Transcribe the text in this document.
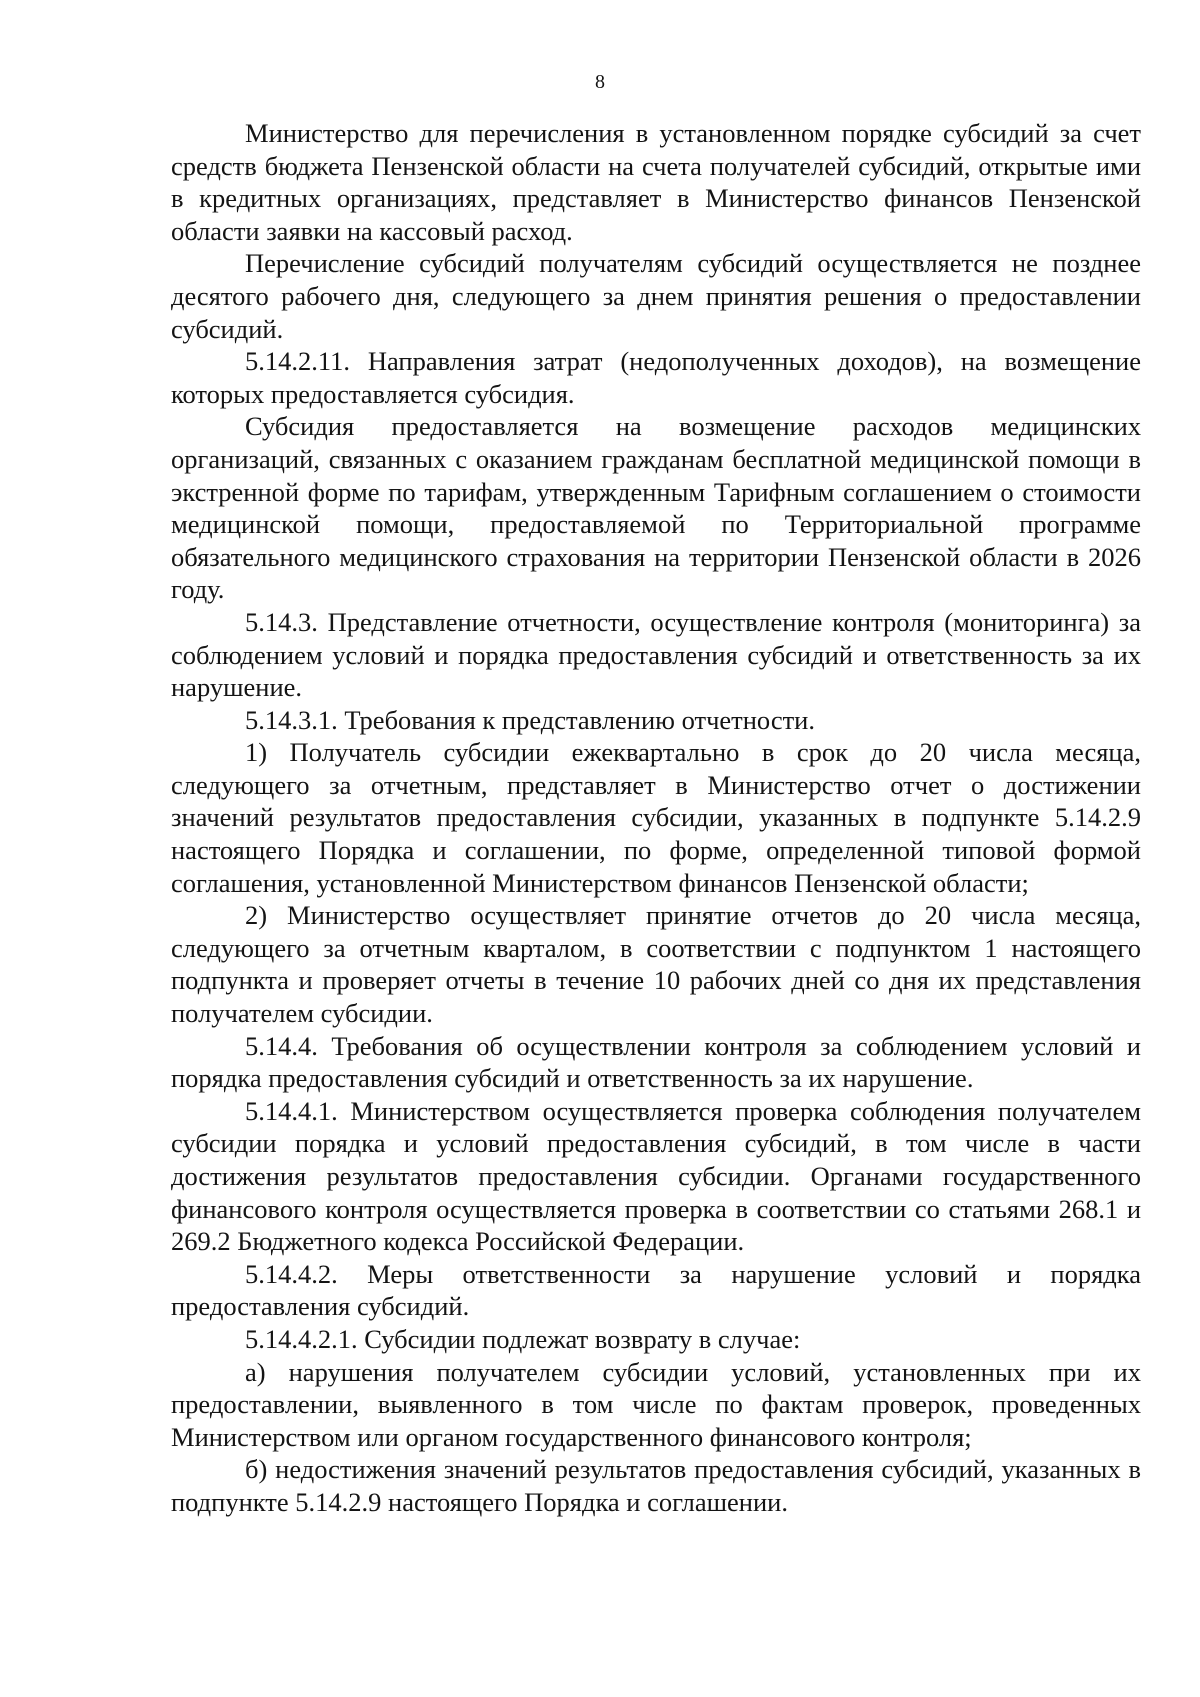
8

Министерство для перечисления в установленном порядке субсидий за счет средств бюджета Пензенской области на счета получателей субсидий, открытые ими в кредитных организациях, представляет в Министерство финансов Пензенской области заявки на кассовый расход.

Перечисление субсидий получателям субсидий осуществляется не позднее десятого рабочего дня, следующего за днем принятия решения о предоставлении субсидий.

5.14.2.11. Направления затрат (недополученных доходов), на возмещение которых предоставляется субсидия.

Субсидия предоставляется на возмещение расходов медицинских организаций, связанных с оказанием гражданам бесплатной медицинской помощи в экстренной форме по тарифам, утвержденным Тарифным соглашением о стоимости медицинской помощи, предоставляемой по Территориальной программе обязательного медицинского страхования на территории Пензенской области в 2026 году.

5.14.3. Представление отчетности, осуществление контроля (мониторинга) за соблюдением условий и порядка предоставления субсидий и ответственность за их нарушение.

5.14.3.1. Требования к представлению отчетности.

1) Получатель субсидии ежеквартально в срок до 20 числа месяца, следующего за отчетным, представляет в Министерство отчет о достижении значений результатов предоставления субсидии, указанных в подпункте 5.14.2.9 настоящего Порядка и соглашении, по форме, определенной типовой формой соглашения, установленной Министерством финансов Пензенской области;

2) Министерство осуществляет принятие отчетов до 20 числа месяца, следующего за отчетным кварталом, в соответствии с подпунктом 1 настоящего подпункта и проверяет отчеты в течение 10 рабочих дней со дня их представления получателем субсидии.

5.14.4. Требования об осуществлении контроля за соблюдением условий и порядка предоставления субсидий и ответственность за их нарушение.

5.14.4.1. Министерством осуществляется проверка соблюдения получателем субсидии порядка и условий предоставления субсидий, в том числе в части достижения результатов предоставления субсидии. Органами государственного финансового контроля осуществляется проверка в соответствии со статьями 268.1 и 269.2 Бюджетного кодекса Российской Федерации.

5.14.4.2. Меры ответственности за нарушение условий и порядка предоставления субсидий.

5.14.4.2.1. Субсидии подлежат возврату в случае:

а) нарушения получателем субсидии условий, установленных при их предоставлении, выявленного в том числе по фактам проверок, проведенных Министерством или органом государственного финансового контроля;

б) недостижения значений результатов предоставления субсидий, указанных в подпункте 5.14.2.9 настоящего Порядка и соглашении.
